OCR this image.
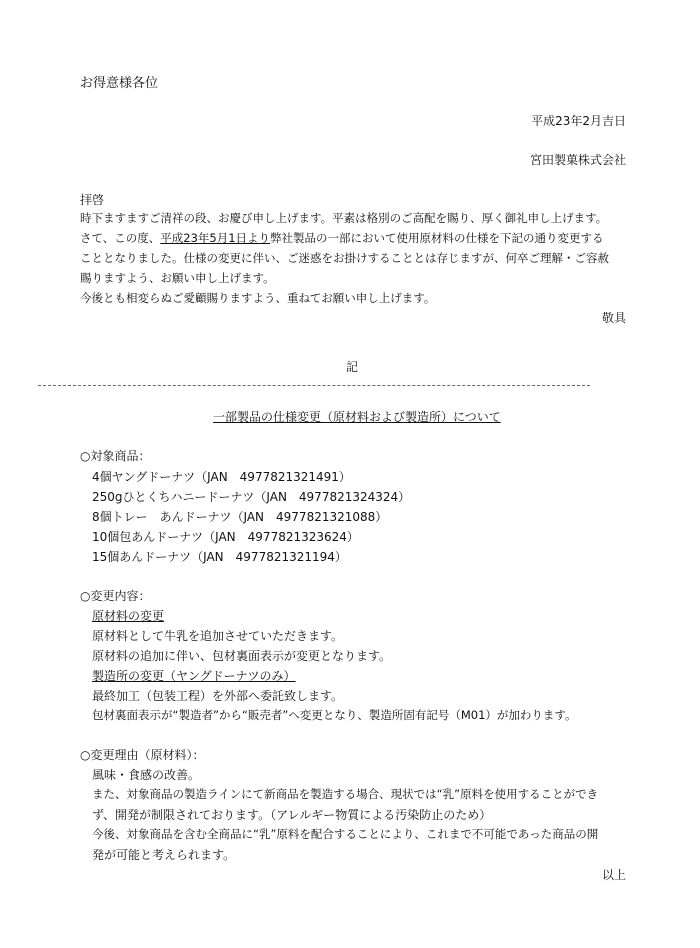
お得意様各位
平成23年2月吉日
宮田製菓株式会社
拝啓
時下ますますご清祥の段、お慶び申し上げます。平素は格別のご高配を賜り、厚く御礼申し上げます。
さて、この度、平成23年5月1日より弊社製品の一部において使用原材料の仕様を下記の通り変更する
こととなりました。仕様の変更に伴い、ご迷惑をお掛けすることとは存じますが、何卒ご理解・ご容赦
賜りますよう、お願い申し上げます。
今後とも相変らぬご愛顧賜りますよう、重ねてお願い申し上げます。
敬具
記
一部製品の仕様変更（原材料および製造所）について
○対象商品：
4個ヤングドーナツ（JAN　4977821321491）
250gひとくちハニードーナツ（JAN　4977821324324）
8個トレー　あんドーナツ（JAN　4977821321088）
10個包あんドーナツ（JAN　4977821323624）
15個あんドーナツ（JAN　4977821321194）
○変更内容：
原材料の変更
原材料として牛乳を追加させていただきます。
原材料の追加に伴い、包材裏面表示が変更となります。
製造所の変更（ヤングドーナツのみ）
最終加工（包装工程）を外部へ委託致します。
包材裏面表示が“製造者”から“販売者”へ変更となり、製造所固有記号（M01）が加わります。
○変更理由（原材料）：
風味・食感の改善。
また、対象商品の製造ラインにて新商品を製造する場合、現状では“乳”原料を使用することができ
ず、開発が制限されております。（アレルギー物質による汚染防止のため）
今後、対象商品を含む全商品に“乳”原料を配合することにより、これまで不可能であった商品の開
発が可能と考えられます。
以上
